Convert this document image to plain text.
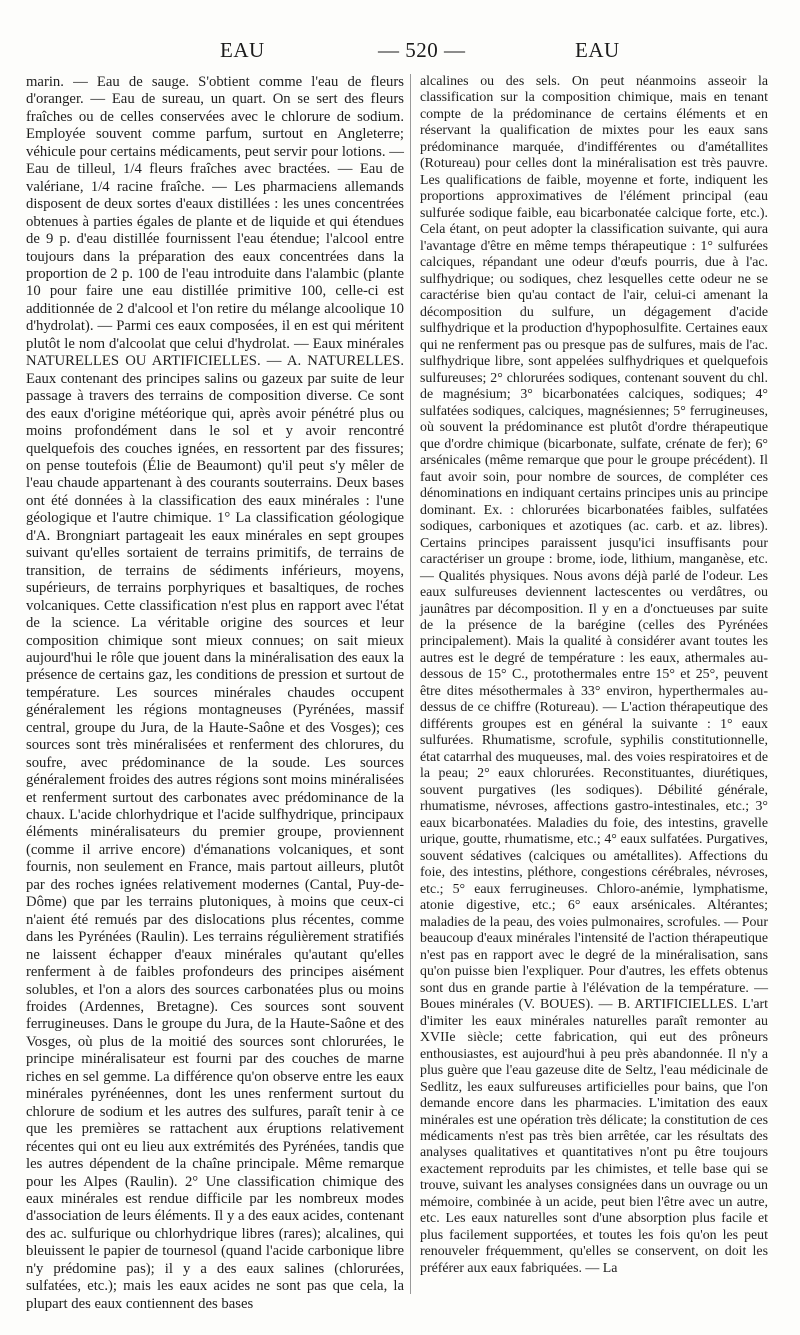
EAU	— 520 —	EAU

marin. — Eau de sauge. S'obtient comme l'eau de fleurs d'oranger. — Eau de sureau, un quart. On se sert des fleurs fraîches ou de celles conservées avec le chlorure de sodium. Employée souvent comme parfum, surtout en Angleterre; véhicule pour certains médicaments, peut servir pour lotions. — Eau de tilleul, 1/4 fleurs fraîches avec bractées. — Eau de valériane, 1/4 racine fraîche. — Les pharmaciens allemands disposent de deux sortes d'eaux distillées : les unes concentrées obtenues à parties égales de plante et de liquide et qui étendues de 9 p. d'eau distillée fournissent l'eau étendue; l'alcool entre toujours dans la préparation des eaux concentrées dans la proportion de 2 p. 100 de l'eau introduite dans l'alambic (plante 10 pour faire une eau distillée primitive 100, celle-ci est additionnée de 2 d'alcool et l'on retire du mélange alcoolique 10 d'hydrolat). — Parmi ces eaux composées, il en est qui méritent plutôt le nom d'alcoolat que celui d'hydrolat. — Eaux minérales NATURELLES OU ARTIFICIELLES. — A. NATURELLES. Eaux contenant des principes salins ou gazeux par suite de leur passage à travers des terrains de composition diverse. Ce sont des eaux d'origine météorique qui, après avoir pénétré plus ou moins profondément dans le sol et y avoir rencontré quelquefois des couches ignées, en ressortent par des fissures; on pense toutefois (Élie de Beaumont) qu'il peut s'y mêler de l'eau chaude appartenant à des courants souterrains. Deux bases ont été données à la classification des eaux minérales : l'une géologique et l'autre chimique. 1° La classification géologique d'A. Brongniart partageait les eaux minérales en sept groupes suivant qu'elles sortaient de terrains primitifs, de terrains de transition, de terrains de sédiments inférieurs, moyens, supérieurs, de terrains porphyriques et basaltiques, de roches volcaniques. Cette classification n'est plus en rapport avec l'état de la science. La véritable origine des sources et leur composition chimique sont mieux connues; on sait mieux aujourd'hui le rôle que jouent dans la minéralisation des eaux la présence de certains gaz, les conditions de pression et surtout de température. Les sources minérales chaudes occupent généralement les régions montagneuses (Pyrénées, massif central, groupe du Jura, de la Haute-Saône et des Vosges); ces sources sont très minéralisées et renferment des chlorures, du soufre, avec prédominance de la soude. Les sources généralement froides des autres régions sont moins minéralisées et renferment surtout des carbonates avec prédominance de la chaux. L'acide chlorhydrique et l'acide sulfhydrique, principaux éléments minéralisateurs du premier groupe, proviennent (comme il arrive encore) d'émanations volcaniques, et sont fournis, non seulement en France, mais partout ailleurs, plutôt par des roches ignées relativement modernes (Cantal, Puy-de-Dôme) que par les terrains plutoniques, à moins que ceux-ci n'aient été remués par des dislocations plus récentes, comme dans les Pyrénées (Raulin). Les terrains régulièrement stratifiés ne laissent échapper d'eaux minérales qu'autant qu'elles renferment à de faibles profondeurs des principes aisément solubles, et l'on a alors des sources carbonatées plus ou moins froides (Ardennes, Bretagne). Ces sources sont souvent ferrugineuses. Dans le groupe du Jura, de la Haute-Saône et des Vosges, où plus de la moitié des sources sont chlorurées, le principe minéralisateur est fourni par des couches de marne riches en sel gemme. La différence qu'on observe entre les eaux minérales pyrénéennes, dont les unes renferment surtout du chlorure de sodium et les autres des sulfures, paraît tenir à ce que les premières se rattachent aux éruptions relativement récentes qui ont eu lieu aux extrémités des Pyrénées, tandis que les autres dépendent de la chaîne principale. Même remarque pour les Alpes (Raulin). 2° Une classification chimique des eaux minérales est rendue difficile par les nombreux modes d'association de leurs éléments. Il y a des eaux acides, contenant des ac. sulfurique ou chlorhydrique libres (rares); alcalines, qui bleuissent le papier de tournesol (quand l'acide carbonique libre n'y prédomine pas); il y a des eaux salines (chlorurées, sulfatées, etc.); mais les eaux acides ne sont pas que cela, la plupart des eaux contiennent des bases

alcalines ou des sels. On peut néanmoins asseoir la classification sur la composition chimique, mais en tenant compte de la prédominance de certains éléments et en réservant la qualification de mixtes pour les eaux sans prédominance marquée, d'indifférentes ou d'amétallites (Rotureau) pour celles dont la minéralisation est très pauvre. Les qualifications de faible, moyenne et forte, indiquent les proportions approximatives de l'élément principal (eau sulfurée sodique faible, eau bicarbonatée calcique forte, etc.). Cela étant, on peut adopter la classification suivante, qui aura l'avantage d'être en même temps thérapeutique : 1° sulfurées calciques, répandant une odeur d'œufs pourris, due à l'ac. sulfhydrique; ou sodiques, chez lesquelles cette odeur ne se caractérise bien qu'au contact de l'air, celui-ci amenant la décomposition du sulfure, un dégagement d'acide sulfhydrique et la production d'hypophosulfite. Certaines eaux qui ne renferment pas ou presque pas de sulfures, mais de l'ac. sulfhydrique libre, sont appelées sulfhydriques et quelquefois sulfureuses; 2° chlorurées sodiques, contenant souvent du chl. de magnésium; 3° bicarbonatées calciques, sodiques; 4° sulfatées sodiques, calciques, magnésiennes; 5° ferrugineuses, où souvent la prédominance est plutôt d'ordre thérapeutique que d'ordre chimique (bicarbonate, sulfate, crénate de fer); 6° arsénicales (même remarque que pour le groupe précédent). Il faut avoir soin, pour nombre de sources, de compléter ces dénominations en indiquant certains principes unis au principe dominant. Ex. : chlorurées bicarbonatées faibles, sulfatées sodiques, carboniques et azotiques (ac. carb. et az. libres). Certains principes paraissent jusqu'ici insuffisants pour caractériser un groupe : brome, iode, lithium, manganèse, etc. — Qualités physiques. Nous avons déjà parlé de l'odeur. Les eaux sulfureuses deviennent lactescentes ou verdâtres, ou jaunâtres par décomposition. Il y en a d'onctueuses par suite de la présence de la barégine (celles des Pyrénées principalement). Mais la qualité à considérer avant toutes les autres est le degré de température : les eaux, athermales au-dessous de 15° C., protothermales entre 15° et 25°, peuvent être dites mésothermales à 33° environ, hyperthermales au-dessus de ce chiffre (Rotureau). — L'action thérapeutique des différents groupes est en général la suivante : 1° eaux sulfurées. Rhumatisme, scrofule, syphilis constitutionnelle, état catarrhal des muqueuses, mal. des voies respiratoires et de la peau; 2° eaux chlorurées. Reconstituantes, diurétiques, souvent purgatives (les sodiques). Débilité générale, rhumatisme, névroses, affections gastro-intestinales, etc.; 3° eaux bicarbonatées. Maladies du foie, des intestins, gravelle urique, goutte, rhumatisme, etc.; 4° eaux sulfatées. Purgatives, souvent sédatives (calciques ou amétallites). Affections du foie, des intestins, pléthore, congestions cérébrales, névroses, etc.; 5° eaux ferrugineuses. Chloro-anémie, lymphatisme, atonie digestive, etc.; 6° eaux arsénicales. Altérantes; maladies de la peau, des voies pulmonaires, scrofules. — Pour beaucoup d'eaux minérales l'intensité de l'action thérapeutique n'est pas en rapport avec le degré de la minéralisation, sans qu'on puisse bien l'expliquer. Pour d'autres, les effets obtenus sont dus en grande partie à l'élévation de la température. — Boues minérales (V. BOUES). — B. ARTIFICIELLES. L'art d'imiter les eaux minérales naturelles paraît remonter au XVIIe siècle; cette fabrication, qui eut des prôneurs enthousiastes, est aujourd'hui à peu près abandonnée. Il n'y a plus guère que l'eau gazeuse dite de Seltz, l'eau médicinale de Sedlitz, les eaux sulfureuses artificielles pour bains, que l'on demande encore dans les pharmacies. L'imitation des eaux minérales est une opération très délicate; la constitution de ces médicaments n'est pas très bien arrêtée, car les résultats des analyses qualitatives et quantitatives n'ont pu être toujours exactement reproduits par les chimistes, et telle base qui se trouve, suivant les analyses consignées dans un ouvrage ou un mémoire, combinée à un acide, peut bien l'être avec un autre, etc. Les eaux naturelles sont d'une absorption plus facile et plus facilement supportées, et toutes les fois qu'on les peut renouveler fréquemment, qu'elles se conservent, on doit les préférer aux eaux fabriquées. — La
